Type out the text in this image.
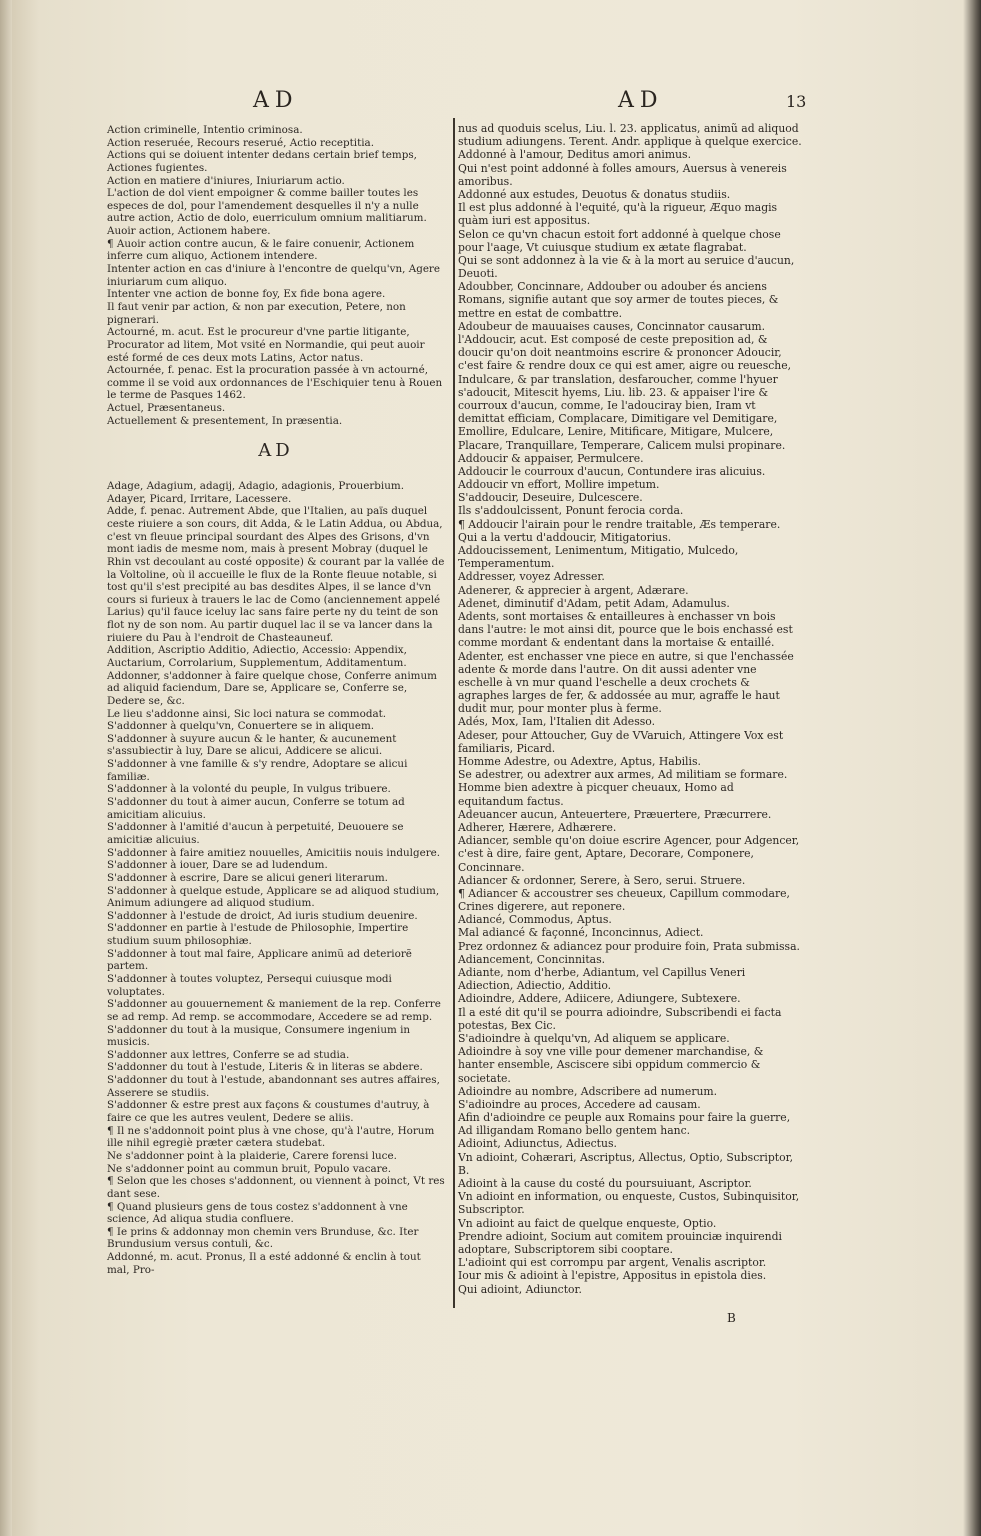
AD	AD	13
Action criminelle, Intentio criminosa.
Action reseruée, Recours reserué, Actio receptitia.
Actions qui se doiuent intenter dedans certain brief temps, Actiones fugientes.
Action en matiere d'iniures, Iniuriarum actio.
L'action de dol vient empoigner & comme bailler toutes les especes de dol, pour l'amendement desquelles il n'y a nulle autre action, Actio de dolo, euerriculum omnium malitiarum.
Auoir action, Actionem habere.
¶ Auoir action contre aucun, & le faire conuenir, Actionem inferre cum aliquo, Actionem intendere.
Intenter action en cas d'iniure à l'encontre de quelqu'vn, Agere iniuriarum cum aliquo.
Intenter vne action de bonne foy, Ex fide bona agere.
Il faut venir par action, & non par execution, Petere, non pignerari.
Actourné, m. acut. Est le procureur d'vne partie litigante, Procurator ad litem, Mot vsité en Normandie, qui peut auoir esté formé de ces deux mots Latins, Actor natus.
Actournée, f. penac. Est la procuration passée à vn actourné, comme il se void aux ordonnances de l'Eschiquier tenu à Rouen le terme de Pasques 1462.
Actuel, Præsentaneus.
Actuellement & presentement, In præsentia.
AD
Adage, Adagium, adagij, Adagio, adagionis, Prouerbium.
Adayer, Picard, Irritare, Lacessere.
Adde, f. penac. Autrement Abde, que l'Italien, au païs duquel ceste riuiere a son cours, dit Adda, & le Latin Addua, ou Abdua, c'est vn fleuue principal sourdant des Alpes des Grisons, d'vn mont iadis de mesme nom, mais à present Mobray (duquel le Rhin vst decoulant au costé opposite) & courant par la vallée de la Voltoline, où il accueille le flux de la Ronte fleuue notable, si tost qu'il s'est precipité au bas desdites Alpes, il se lance d'vn cours si furieux à trauers le lac de Como (anciennement appelé Larius) qu'il fauce iceluy lac sans faire perte ny du teint de son flot ny de son nom. Au partir duquel lac il se va lancer dans la riuiere du Pau à l'endroit de Chasteauneuf.
Addition, Ascriptio Additio, Adiectio, Accessio: Appendix, Auctarium, Corrolarium, Supplementum, Additamentum.
Addonner, s'addonner à faire quelque chose, Conferre animum ad aliquid faciendum, Dare se, Applicare se, Conferre se, Dedere se, &c.
Le lieu s'addonne ainsi, Sic loci natura se commodat.
S'addonner à quelqu'vn, Conuertere se in aliquem.
S'addonner à suyure aucun & le hanter, & aucunement s'assubiectir à luy, Dare se alicui, Addicere se alicui.
S'addonner à vne famille & s'y rendre, Adoptare se alicui familiæ.
S'addonner à la volonté du peuple, In vulgus tribuere.
S'addonner du tout à aimer aucun, Conferre se totum ad amicitiam alicuius.
S'addonner à l'amitié d'aucun à perpetuité, Deuouere se amicitiæ alicuius.
S'addonner à faire amitiez nouuelles, Amicitiis nouis indulgere.
S'addonner à iouer, Dare se ad ludendum.
S'addonner à escrire, Dare se alicui generi literarum.
S'addonner à quelque estude, Applicare se ad aliquod studium, Animum adiungere ad aliquod studium.
S'addonner à l'estude de droict, Ad iuris studium deuenire.
S'addonner en partie à l'estude de Philosophie, Impertire studium suum philosophiæ.
S'addonner à tout mal faire, Applicare animũ ad deteriorẽ partem.
S'addonner à toutes voluptez, Persequi cuiusque modi voluptates.
S'addonner au gouuernement & maniement de la rep. Conferre se ad remp. Ad remp. se accommodare, Accedere se ad remp.
S'addonner du tout à la musique, Consumere ingenium in musicis.
S'addonner aux lettres, Conferre se ad studia.
S'addonner du tout à l'estude, Literis & in literas se abdere.
S'addonner du tout à l'estude, abandonnant ses autres affaires, Asserere se studiis.
S'addonner & estre prest aux façons & coustumes d'autruy, à faire ce que les autres veulent, Dedere se aliis.
¶ Il ne s'addonnoit point plus à vne chose, qu'à l'autre, Horum ille nihil egregiè præter cætera studebat.
Ne s'addonner point à la plaiderie, Carere forensi luce.
Ne s'addonner point au commun bruit, Populo vacare.
¶ Selon que les choses s'addonnent, ou viennent à poinct, Vt res dant sese.
¶ Quand plusieurs gens de tous costez s'addonnent à vne science, Ad aliqua studia confluere.
¶ Ie prins & addonnay mon chemin vers Brunduse, &c. Iter Brundusium versus contuli, &c.
Addonné, m. acut. Pronus, Il a esté addonné & enclin à tout mal, Pro-
nus ad quoduis scelus, Liu. l. 23. applicatus, animũ ad aliquod studium adiungens. Terent. Andr. applique à quelque exercice.
Addonné à l'amour, Deditus amori animus.
Qui n'est point addonné à folles amours, Auersus à venereis amoribus.
Addonné aux estudes, Deuotus & donatus studiis.
Il est plus addonné à l'equité, qu'à la rigueur, Æquo magis quàm iuri est appositus.
Selon ce qu'vn chacun estoit fort addonné à quelque chose pour l'aage, Vt cuiusque studium ex ætate flagrabat.
Qui se sont addonnez à la vie & à la mort au seruice d'aucun, Deuoti.
Adoubber, Concinnare, Addouber ou adouber és anciens Romans, signifie autant que soy armer de toutes pieces, & mettre en estat de combattre.
Adoubeur de mauuaises causes, Concinnator causarum.
l'Addoucir, acut. Est composé de ceste preposition ad, & doucir qu'on doit neantmoins escrire & prononcer Adoucir, c'est faire & rendre doux ce qui est amer, aigre ou reuesche, Indulcare, & par translation, desfaroucher, comme l'hyuer s'adoucit, Mitescit hyems, Liu. lib. 23. & appaiser l'ire & courroux d'aucun, comme, Ie l'adouciray bien, Iram vt demittat efficiam, Complacare, Dimitigare vel Demitigare, Emollire, Edulcare, Lenire, Mitificare, Mitigare, Mulcere, Placare, Tranquillare, Temperare, Calicem mulsi propinare.
Addoucir & appaiser, Permulcere.
Addoucir le courroux d'aucun, Contundere iras alicuius.
Addoucir vn effort, Mollire impetum.
S'addoucir, Deseuire, Dulcescere.
Ils s'addoulcissent, Ponunt ferocia corda.
¶ Addoucir l'airain pour le rendre traitable, Æs temperare.
Qui a la vertu d'addoucir, Mitigatorius.
Addoucissement, Lenimentum, Mitigatio, Mulcedo, Temperamentum.
Addresser, voyez Adresser.
Adenerer, & apprecier à argent, Adærare.
Adenet, diminutif d'Adam, petit Adam, Adamulus.
Adents, sont mortaises & entailleures à enchasser vn bois dans l'autre: le mot ainsi dit, pource que le bois enchassé est comme mordant & endentant dans la mortaise & entaillé.
Adenter, est enchasser vne piece en autre, si que l'enchassée adente & morde dans l'autre. On dit aussi adenter vne eschelle à vn mur quand l'eschelle a deux crochets & agraphes larges de fer, & addossée au mur, agraffe le haut dudit mur, pour monter plus à ferme.
Adés, Mox, Iam, l'Italien dit Adesso.
Adeser, pour Attoucher, Guy de VVaruich, Attingere Vox est familiaris, Picard.
Homme Adestre, ou Adextre, Aptus, Habilis.
Se adestrer, ou adextrer aux armes, Ad militiam se formare.
Homme bien adextre à picquer cheuaux, Homo ad equitandum factus.
Adeuancer aucun, Anteuertere, Præuertere, Præcurrere.
Adherer, Hærere, Adhærere.
Adiancer, semble qu'on doiue escrire Agencer, pour Adgencer, c'est à dire, faire gent, Aptare, Decorare, Componere, Concinnare.
Adiancer & ordonner, Serere, à Sero, serui. Struere.
¶ Adiancer & accoustrer ses cheueux, Capillum commodare, Crines digerere, aut reponere.
Adiancé, Commodus, Aptus.
Mal adiancé & façonné, Inconcinnus, Adiect.
Prez ordonnez & adiancez pour produire foin, Prata submissa.
Adiancement, Concinnitas.
Adiante, nom d'herbe, Adiantum, vel Capillus Veneri
Adiection, Adiectio, Additio.
Adioindre, Addere, Adiicere, Adiungere, Subtexere.
Il a esté dit qu'il se pourra adioindre, Subscribendi ei facta potestas, Bex Cic.
S'adioindre à quelqu'vn, Ad aliquem se applicare.
Adioindre à soy vne ville pour demener marchandise, & hanter ensemble, Asciscere sibi oppidum commercio & societate.
Adioindre au nombre, Adscribere ad numerum.
S'adioindre au proces, Accedere ad causam.
Afin d'adioindre ce peuple aux Romains pour faire la guerre, Ad illigandam Romano bello gentem hanc.
Adioint, Adiunctus, Adiectus.
Vn adioint, Cohærari, Ascriptus, Allectus, Optio, Subscriptor, B.
Adioint à la cause du costé du poursuiuant, Ascriptor.
Vn adioint en information, ou enqueste, Custos, Subinquisitor, Subscriptor.
Vn adioint au faict de quelque enqueste, Optio.
Prendre adioint, Socium aut comitem prouinciæ inquirendi adoptare, Subscriptorem sibi cooptare.
L'adioint qui est corrompu par argent, Venalis ascriptor.
Iour mis & adioint à l'epistre, Appositus in epistola dies.
Qui adioint, Adiunctor.
B
